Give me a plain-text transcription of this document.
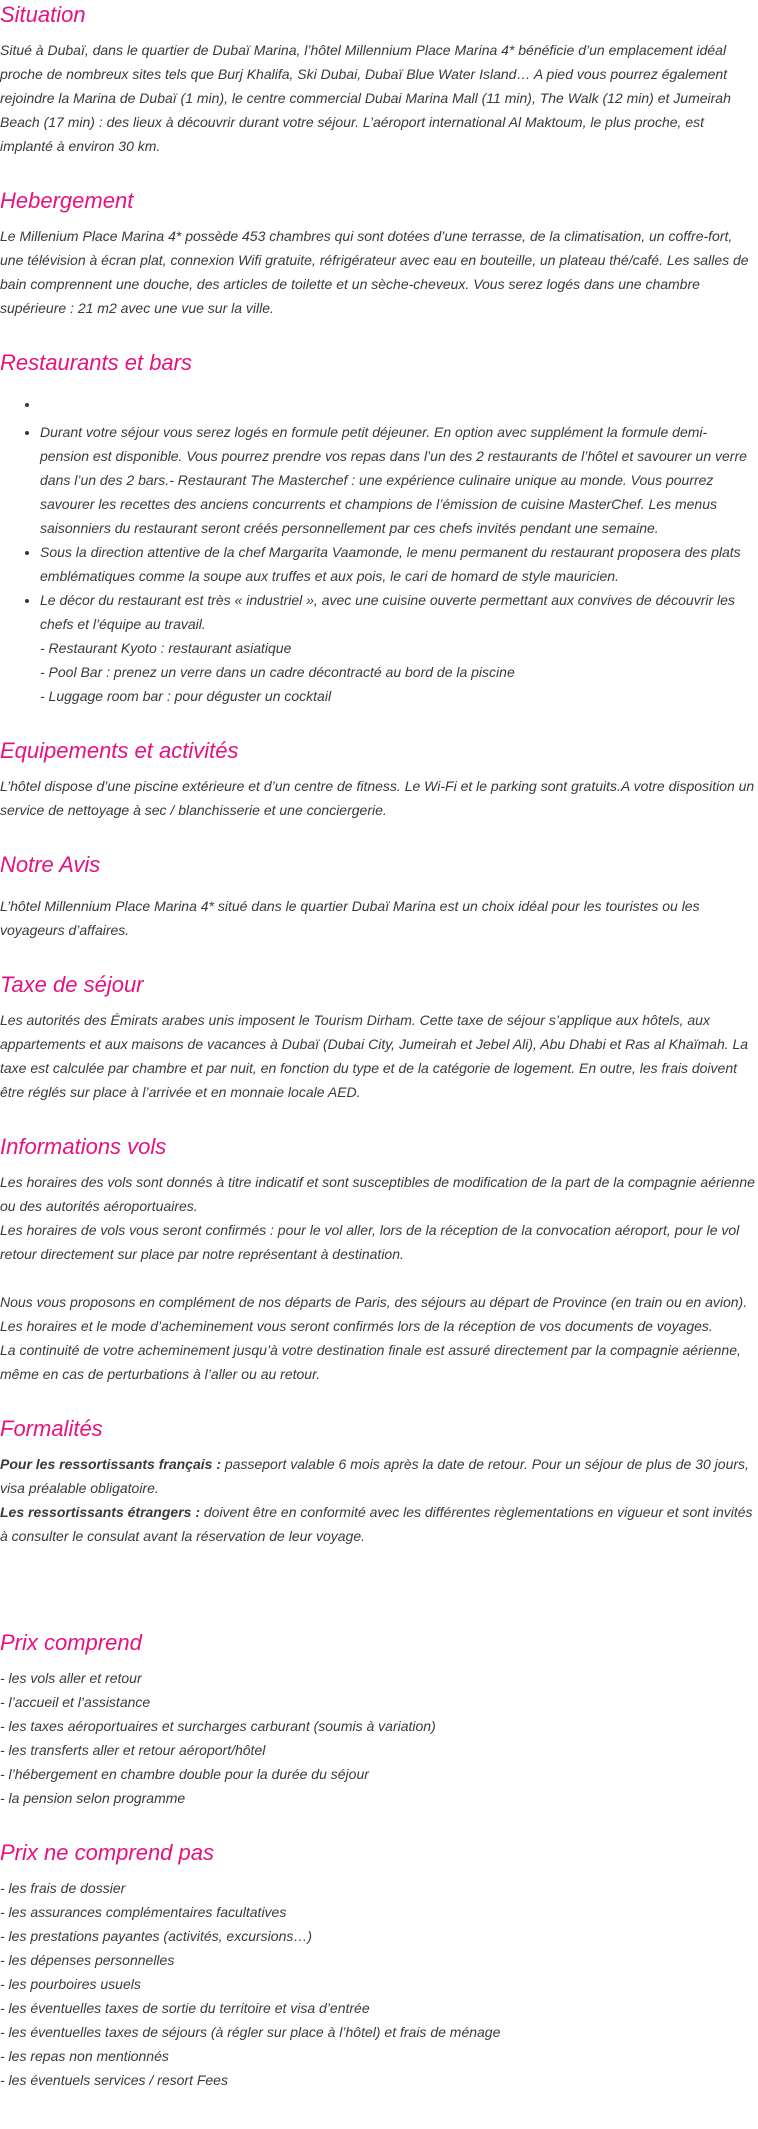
Situation

Situé à Dubaï, dans le quartier de Dubaï Marina, l’hôtel Millennium Place Marina 4* bénéficie d’un emplacement idéal proche de nombreux sites tels que Burj Khalifa, Ski Dubai, Dubaï Blue Water Island… A pied vous pourrez également rejoindre la Marina de Dubaï (1 min), le centre commercial Dubai Marina Mall (11 min), The Walk (12 min) et Jumeirah Beach (17 min) : des lieux à découvrir durant votre séjour. L’aéroport international Al Maktoum, le plus proche, est implanté à environ 30 km.

Hebergement

Le Millenium Place Marina 4* possède 453 chambres qui sont dotées d’une terrasse, de la climatisation, un coffre-fort, une télévision à écran plat, connexion Wifi gratuite, réfrigérateur avec eau en bouteille, un plateau thé/café. Les salles de bain comprennent une douche, des articles de toilette et un sèche-cheveux. Vous serez logés dans une chambre supérieure : 21 m2 avec une vue sur la ville.

Restaurants et bars
•
• Durant votre séjour vous serez logés en formule petit déjeuner. En option avec supplément la formule demi-pension est disponible. Vous pourrez prendre vos repas dans l’un des 2 restaurants de l’hôtel et savourer un verre dans l’un des 2 bars.- Restaurant The Masterchef : une expérience culinaire unique au monde. Vous pourrez savourer les recettes des anciens concurrents et champions de l’émission de cuisine MasterChef. Les menus saisonniers du restaurant seront créés personnellement par ces chefs invités pendant une semaine.
• Sous la direction attentive de la chef Margarita Vaamonde, le menu permanent du restaurant proposera des plats emblématiques comme la soupe aux truffes et aux pois, le cari de homard de style mauricien.
• Le décor du restaurant est très « industriel », avec une cuisine ouverte permettant aux convives de découvrir les chefs et l’équipe au travail.
- Restaurant Kyoto : restaurant asiatique
- Pool Bar : prenez un verre dans un cadre décontracté au bord de la piscine
- Luggage room bar : pour déguster un cocktail
Equipements et activités

L’hôtel dispose d’une piscine extérieure et d’un centre de fitness. Le Wi-Fi et le parking sont gratuits.A votre disposition un service de nettoyage à sec / blanchisserie et une conciergerie.

Notre Avis

L’hôtel Millennium Place Marina 4* situé dans le quartier Dubaï Marina est un choix idéal pour les touristes ou les voyageurs d’affaires.

Taxe de séjour

Les autorités des Émirats arabes unis imposent le Tourism Dirham. Cette taxe de séjour s’applique aux hôtels, aux appartements et aux maisons de vacances à Dubaï (Dubai City, Jumeirah et Jebel Ali), Abu Dhabi et Ras al Khaïmah. La taxe est calculée par chambre et par nuit, en fonction du type et de la catégorie de logement. En outre, les frais doivent être réglés sur place à l’arrivée et en monnaie locale AED.

Informations vols

Les horaires des vols sont donnés à titre indicatif et sont susceptibles de modification de la part de la compagnie aérienne ou des autorités aéroportuaires.

Les horaires de vols vous seront confirmés : pour le vol aller, lors de la réception de la convocation aéroport, pour le vol retour directement sur place par notre représentant à destination.

Nous vous proposons en complément de nos départs de Paris, des séjours au départ de Province (en train ou en avion).

Les horaires et le mode d’acheminement vous seront confirmés lors de la réception de vos documents de voyages.

La continuité de votre acheminement jusqu’à votre destination finale est assuré directement par la compagnie aérienne, même en cas de perturbations à l’aller ou au retour.

Formalités

Pour les ressortissants français : passeport valable 6 mois après la date de retour. Pour un séjour de plus de 30 jours, visa préalable obligatoire.

Les ressortissants étrangers : doivent être en conformité avec les différentes règlementations en vigueur et sont invités à consulter le consulat avant la réservation de leur voyage.

Prix comprend
- les vols aller et retour
- l’accueil et l’assistance
- les taxes aéroportuaires et surcharges carburant (soumis à variation)
- les transferts aller et retour aéroport/hôtel
- l’hébergement en chambre double pour la durée du séjour
- la pension selon programme
Prix ne comprend pas
- les frais de dossier
- les assurances complémentaires facultatives
- les prestations payantes (activités, excursions…)
- les dépenses personnelles
- les pourboires usuels
- les éventuelles taxes de sortie du territoire et visa d’entrée
- les éventuelles taxes de séjours (à régler sur place à l’hôtel) et frais de ménage
- les repas non mentionnés
- les éventuels services / resort Fees
